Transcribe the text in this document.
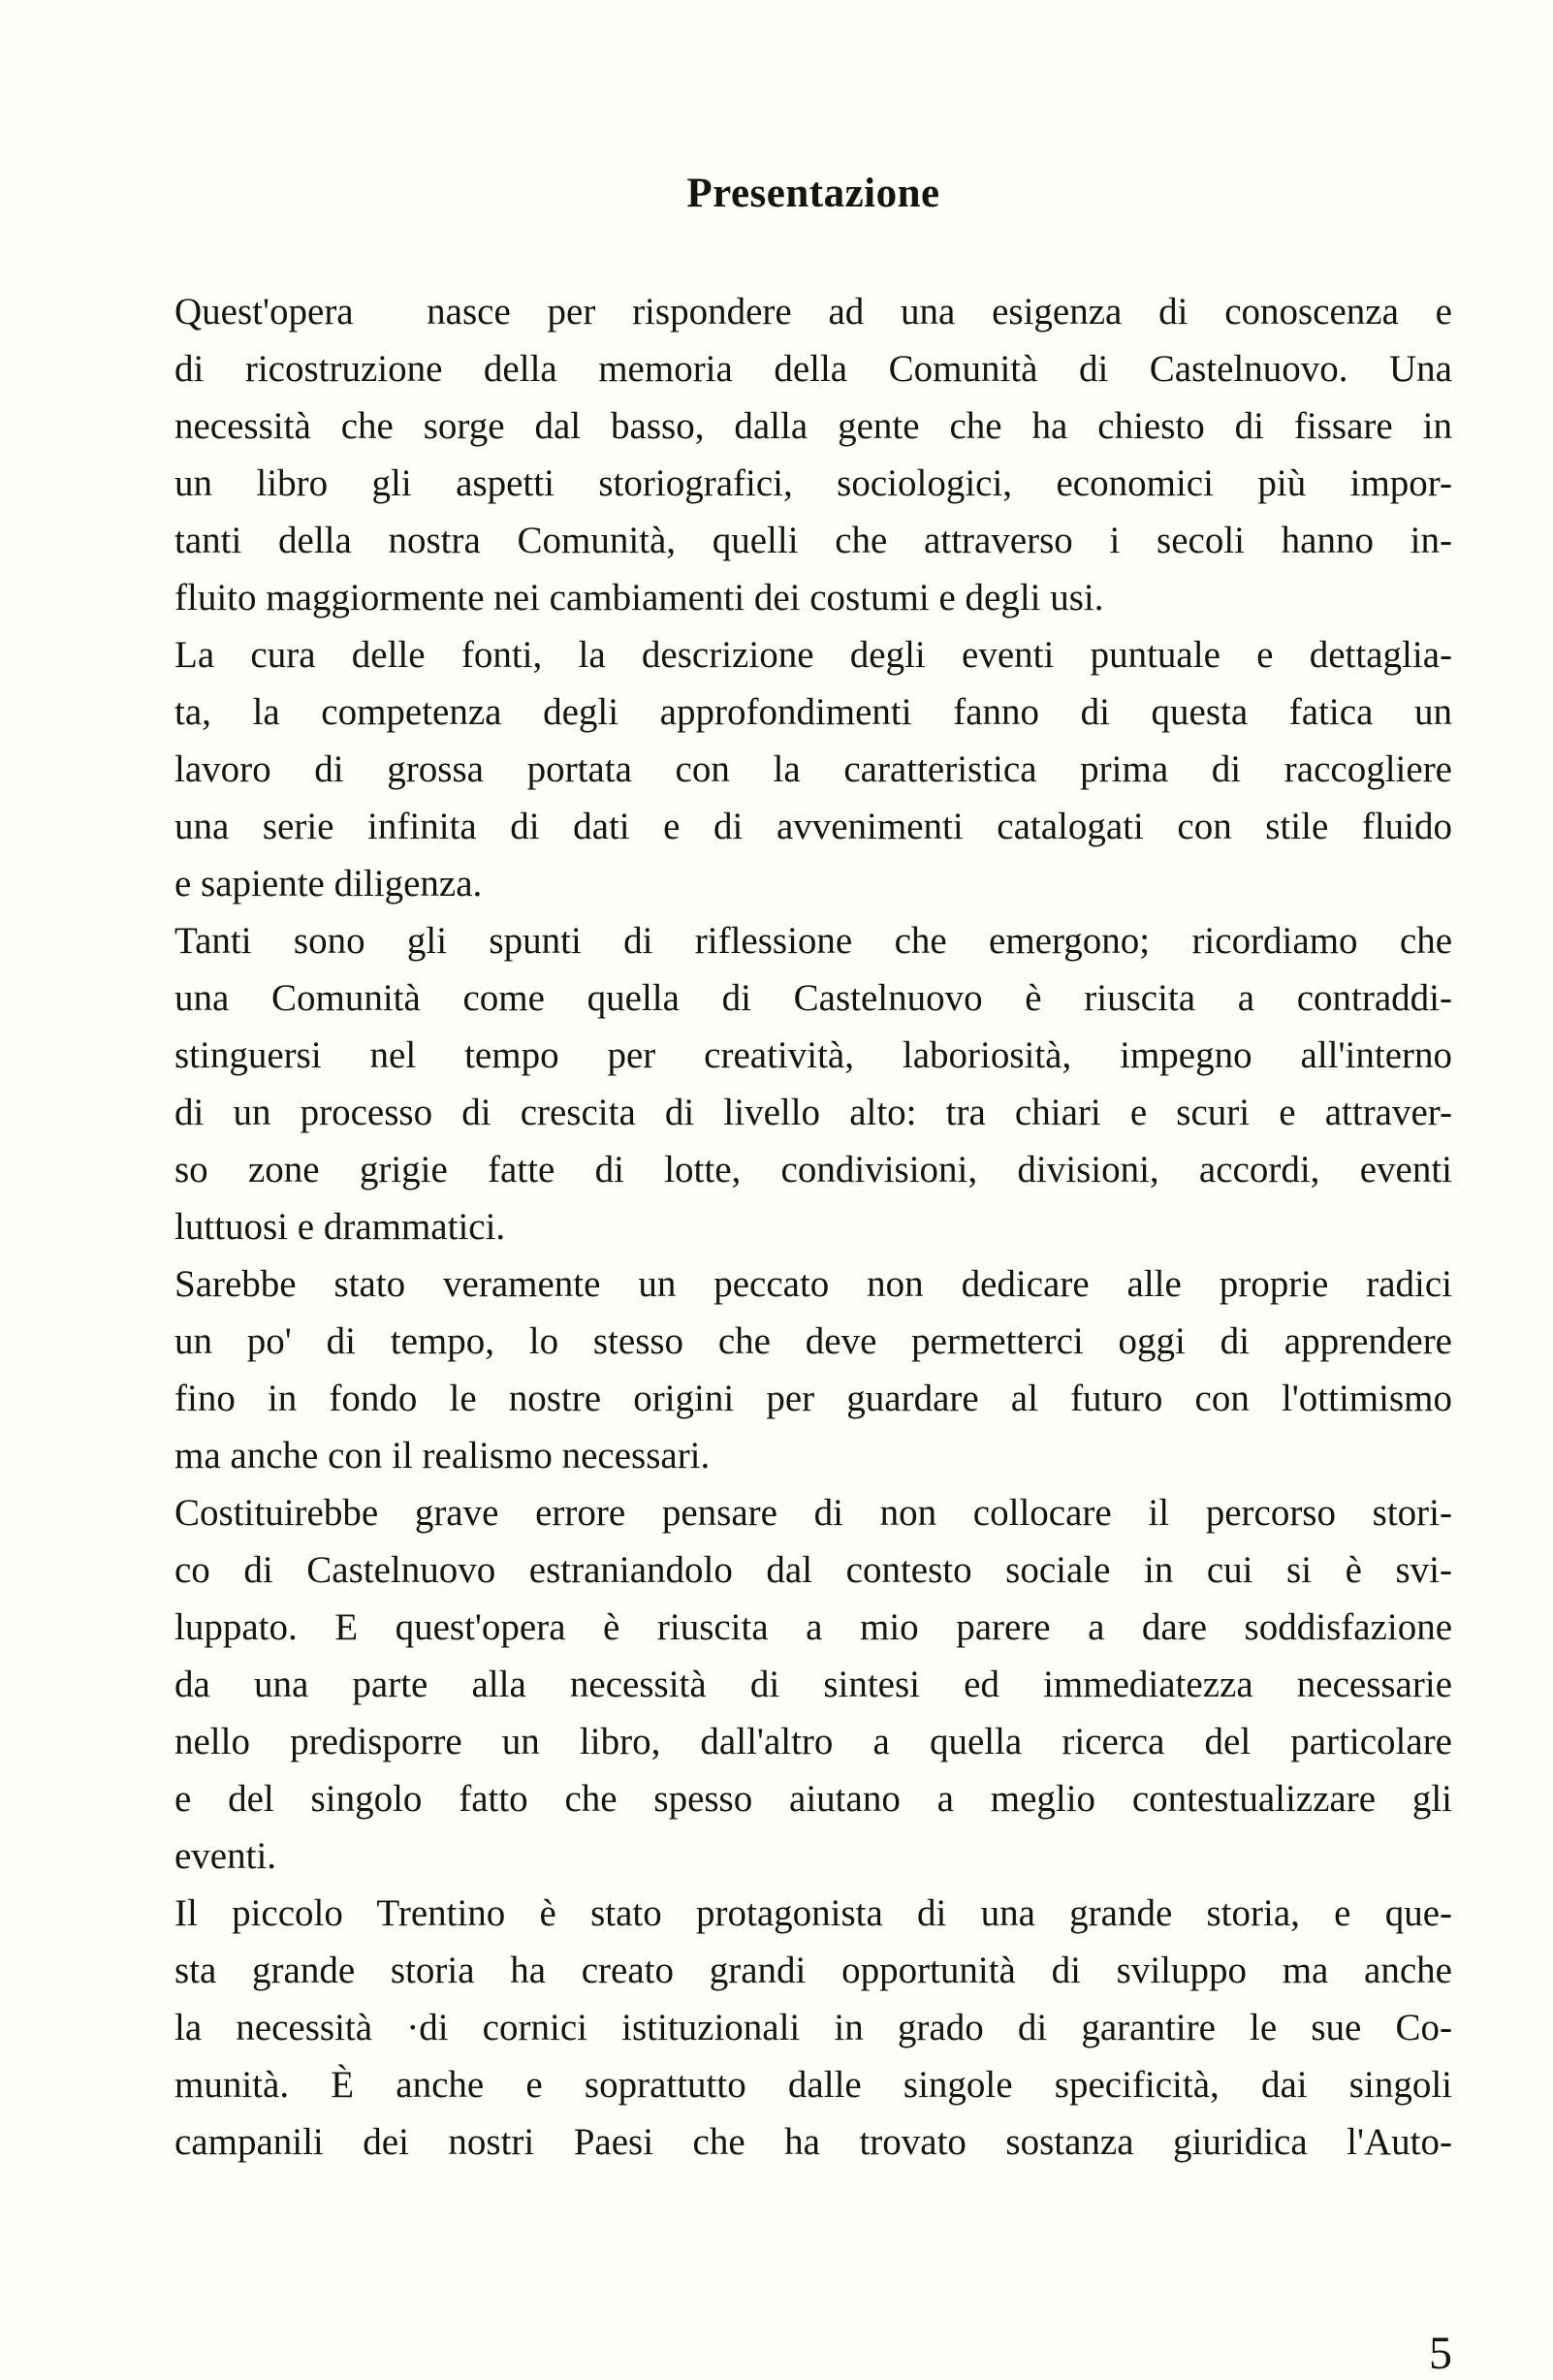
Presentazione
Quest'opera  nasce per rispondere ad una esigenza di conoscenza e
di ricostruzione della memoria della Comunità di Castelnuovo. Una
necessità che sorge dal basso, dalla gente che ha chiesto di fissare in
un libro gli aspetti storiografici, sociologici, economici più impor-
tanti della nostra Comunità, quelli che attraverso i secoli hanno in-
fluito maggiormente nei cambiamenti dei costumi e degli usi.
La cura delle fonti, la descrizione degli eventi puntuale e dettaglia-
ta, la competenza degli approfondimenti fanno di questa fatica un
lavoro di grossa portata con la caratteristica prima di raccogliere
una serie infinita di dati e di avvenimenti catalogati con stile fluido
e sapiente diligenza.
Tanti sono gli spunti di riflessione che emergono; ricordiamo che
una Comunità come quella di Castelnuovo è riuscita a contraddi-
stinguersi nel tempo per creatività, laboriosità, impegno all'interno
di un processo di crescita di livello alto: tra chiari e scuri e attraver-
so zone grigie fatte di lotte, condivisioni, divisioni, accordi, eventi
luttuosi e drammatici.
Sarebbe stato veramente un peccato non dedicare alle proprie radici
un po' di tempo, lo stesso che deve permetterci oggi di apprendere
fino in fondo le nostre origini per guardare al futuro con l'ottimismo
ma anche con il realismo necessari.
Costituirebbe grave errore pensare di non collocare il percorso stori-
co di Castelnuovo estraniandolo dal contesto sociale in cui si è svi-
luppato. E quest'opera è riuscita a mio parere a dare soddisfazione
da una parte alla necessità di sintesi ed immediatezza necessarie
nello predisporre un libro, dall'altro a quella ricerca del particolare
e del singolo fatto che spesso aiutano a meglio contestualizzare gli
eventi.
Il piccolo Trentino è stato protagonista di una grande storia, e que-
sta grande storia ha creato grandi opportunità di sviluppo ma anche
la necessità ·di cornici istituzionali in grado di garantire le sue Co-
munità. È anche e soprattutto dalle singole specificità, dai singoli
campanili dei nostri Paesi che ha trovato sostanza giuridica l'Auto-
5
